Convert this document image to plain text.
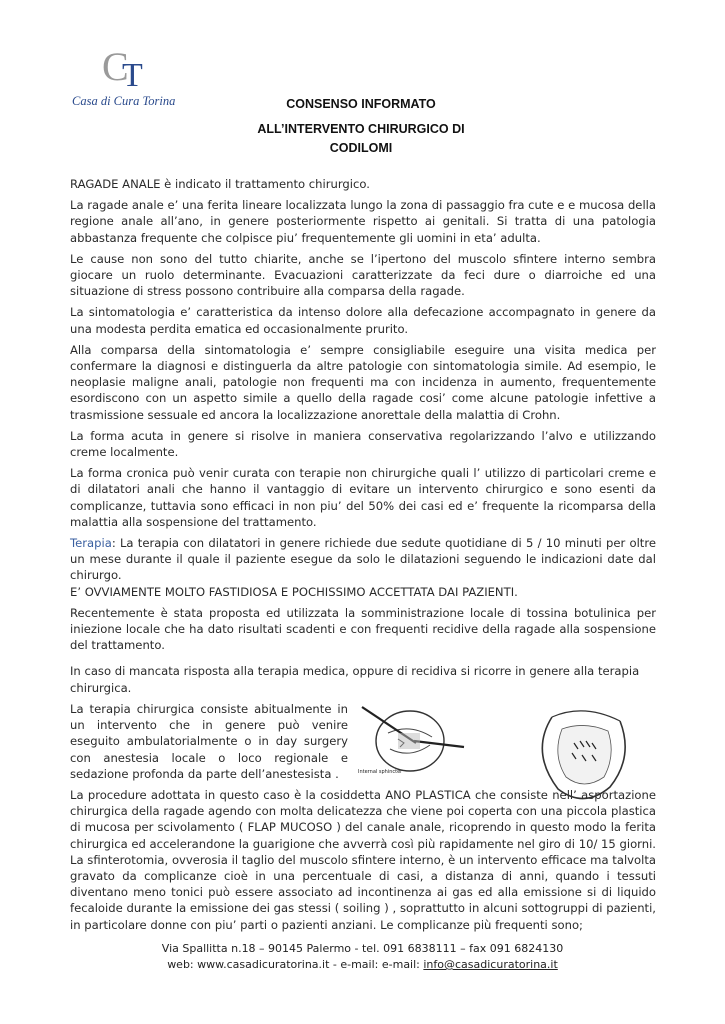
C
T
Casa di Cura Torina	CONSENSO INFORMATO
ALL’INTERVENTO CHIRURGICO DI
CODILOMI

RAGADE ANALE è indicato il trattamento chirurgico.

La ragade anale e’ una ferita lineare localizzata lungo la zona di passaggio fra cute e e mucosa della regione anale all’ano, in genere posteriormente rispetto ai genitali. Si tratta di una patologia abbastanza frequente che colpisce piu’ frequentemente gli uomini in eta’ adulta.

Le cause non sono del tutto chiarite, anche se l’ipertono del muscolo sfintere interno sembra giocare un ruolo determinante. Evacuazioni caratterizzate da feci dure o diarroiche ed una situazione di stress possono contribuire alla comparsa della ragade.

La sintomatologia e’ caratteristica da intenso dolore alla defecazione accompagnato in genere da una modesta perdita ematica ed occasionalmente prurito.

Alla comparsa della sintomatologia e’ sempre consigliabile eseguire una visita medica per confermare la diagnosi e distinguerla da altre patologie con sintomatologia simile. Ad esempio, le neoplasie maligne anali, patologie non frequenti ma con incidenza in aumento, frequentemente esordiscono con un aspetto simile a quello della ragade cosi’ come alcune patologie infettive a trasmissione sessuale ed ancora la localizzazione anorettale della malattia di Crohn.

La forma acuta in genere si risolve in maniera conservativa regolarizzando l’alvo e utilizzando creme localmente.

La forma cronica può venir curata con terapie non chirurgiche quali l’ utilizzo di particolari creme e di dilatatori anali che hanno il vantaggio di evitare un intervento chirurgico e sono esenti da complicanze, tuttavia sono efficaci in non piu’ del 50% dei casi ed e’ frequente la ricomparsa della malattia alla sospensione del trattamento.

Terapia: La terapia con dilatatori in genere richiede due sedute quotidiane di 5 / 10 minuti per oltre un mese durante il quale il paziente esegue da solo le dilatazioni seguendo le indicazioni date dal chirurgo.

E’ OVVIAMENTE MOLTO FASTIDIOSA E POCHISSIMO ACCETTATA DAI PAZIENTI.

Recentemente è stata proposta ed utilizzata la somministrazione locale di tossina botulinica per iniezione locale che ha dato risultati scadenti e con frequenti recidive della ragade alla sospensione del trattamento.

In caso di mancata risposta alla terapia medica, oppure di recidiva si ricorre in genere alla terapia chirurgica.

La terapia chirurgica consiste abitualmente in un intervento che in genere può venire eseguito ambulatorialmente o in day surgery con anestesia locale o loco regionale e sedazione profonda da parte dell’anestesista .	Internal sphincter

La procedure adottata in questo caso è la cosiddetta ANO PLASTICA che consiste nell’ asportazione chirurgica della ragade agendo con molta delicatezza che viene poi coperta con una piccola plastica di mucosa per scivolamento ( FLAP MUCOSO ) del canale anale, ricoprendo in questo modo la ferita chirurgica ed accelerandone la guarigione che avverrà così più rapidamente nel giro di 10/ 15 giorni. La sfinterotomia, ovverosia il taglio del muscolo sfintere interno, è un intervento efficace ma talvolta gravato da complicanze cioè in una percentuale di casi, a distanza di anni, quando i tessuti diventano meno tonici può essere associato ad incontinenza ai gas ed alla emissione si di liquido fecaloide durante la emissione dei gas stessi ( soiling ) , soprattutto in alcuni sottogruppi di pazienti, in particolare donne con piu’ parti o pazienti anziani. Le complicanze più frequenti sono;

Via Spallitta n.18 – 90145 Palermo - tel. 091 6838111 – fax 091 6824130
web: www.casadicuratorina.it - e-mail: e-mail: info@casadicuratorina.it
